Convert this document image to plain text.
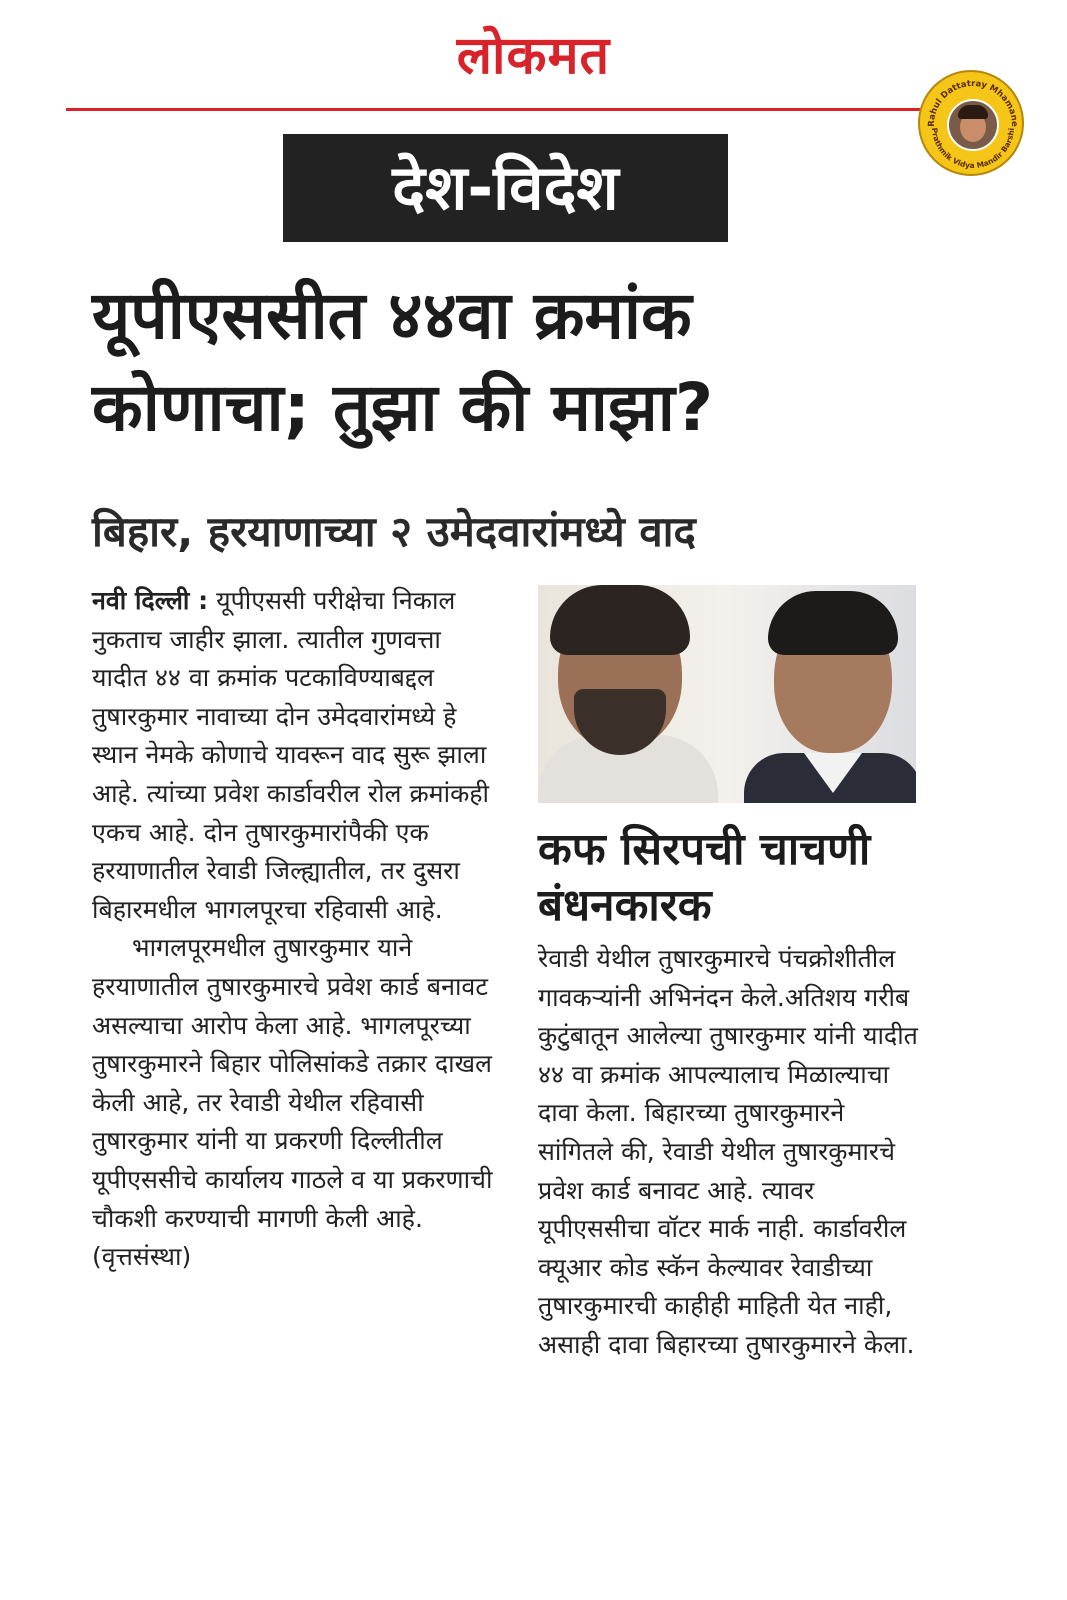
लोकमत
Rahul Dattatray Mhamane
Prathmik Vidya Mandir Barshi
देश-विदेश
यूपीएससीत ४४वा क्रमांक कोणाचा; तुझा की माझा?
बिहार, हरयाणाच्या २ उमेदवारांमध्ये वाद

नवी दिल्ली : यूपीएससी परीक्षेचा निकाल नुकताच जाहीर झाला. त्यातील गुणवत्ता यादीत ४४ वा क्रमांक पटकाविण्याबद्दल तुषारकुमार नावाच्या दोन उमेदवारांमध्ये हे स्थान नेमके कोणाचे यावरून वाद सुरू झाला आहे. त्यांच्या प्रवेश कार्डावरील रोल क्रमांकही एकच आहे. दोन तुषारकुमारांपैकी एक हरयाणातील रेवाडी जिल्ह्यातील, तर दुसरा बिहारमधील भागलपूरचा रहिवासी आहे.

भागलपूरमधील तुषारकुमार याने हरयाणातील तुषारकुमारचे प्रवेश कार्ड बनावट असल्याचा आरोप केला आहे. भागलपूरच्या तुषारकुमारने बिहार पोलिसांकडे तक्रार दाखल केली आहे, तर रेवाडी येथील रहिवासी तुषारकुमार यांनी या प्रकरणी दिल्लीतील यूपीएससीचे कार्यालय गाठले व या प्रकरणाची चौकशी करण्याची मागणी केली आहे. (वृत्तसंस्था)

कफ सिरपची चाचणी बंधनकारक

रेवाडी येथील तुषारकुमारचे पंचक्रोशीतील गावकऱ्यांनी अभिनंदन केले.अतिशय गरीब कुटुंबातून आलेल्या तुषारकुमार यांनी यादीत ४४ वा क्रमांक आपल्यालाच मिळाल्याचा दावा केला. बिहारच्या तुषारकुमारने सांगितले की, रेवाडी येथील तुषारकुमारचे प्रवेश कार्ड बनावट आहे. त्यावर यूपीएससीचा वॉटर मार्क नाही. कार्डावरील क्यूआर कोड स्कॅन केल्यावर रेवाडीच्या तुषारकुमारची काहीही माहिती येत नाही, असाही दावा बिहारच्या तुषारकुमारने केला.
